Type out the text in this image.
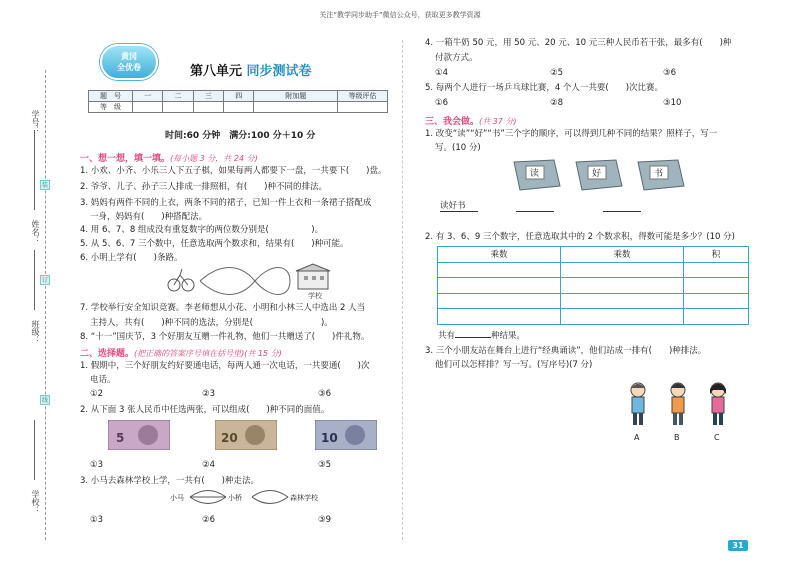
关注“教学同步助手”微信公众号，获取更多教学资源
学号：
姓名：
班级：
学校：
装
订
线
黄冈
全优卷	第八单元 同步测试卷
题　号	一	二	三	四	附加题	等级评估
等　级						
时间:60 分钟　满分:100 分＋10 分
一、想一想，填一填。(每小题 3 分，共 24 分)
1. 小欢、小齐、小乐三人下五子棋，如果每两人都要下一盘，一共要下(　　)盘。
2. 爷爷、儿子、孙子三人排成一排照相，有(　　)种不同的排法。
3. 妈妈有两件不同的上衣，两条不同的裙子，已知一件上衣和一条裙子搭配成
一身，妈妈有(　　)种搭配法。
4. 用 6、7、8 组成没有重复数字的两位数分别是(　　　　　)。
5. 从 5、6、7 三个数中，任意选取两个数求和，结果有(　　)种可能。
6. 小明上学有(　　)条路。
学校
7. 学校举行安全知识竞赛。李老师想从小花、小明和小林三人中选出 2 人当
主持人，共有(　　)种不同的选法，分别是(　　　　　　　　)。
8. “十一”国庆节，3 个好朋友互赠一件礼物，他们一共赠送了(　　)件礼物。
二、选择题。(把正确的答案序号填在括号里)(共 15 分)
1. 假期中，三个好朋友约好要通电话，每两人通一次电话，一共要通(　　)次
电话。
①2	②3	③6
2. 从下面 3 张人民币中任选两张，可以组成(　　)种不同的面值。
5	20	10
①3	②4	③5
3. 小马去森林学校上学，一共有(　　)种走法。
小马	小桥	森林学校
①3	②6	③9
4. 一箱牛奶 50 元，用 50 元、20 元、10 元三种人民币若干张，最多有(　　)种
付款方式。
①4	②5	③6
5. 每两个人进行一场乒乓球比赛，4 个人一共要(　　)次比赛。
①6	②8	③10
三、我会做。(共 37 分)
1. 改变“读”“好”“书”三个字的顺序，可以得到几种不同的结果？照样子，写一
写。(10 分)
读	好	书
读好书
2. 有 3、6、9 三个数字，任意选取其中的 2 个数求积，得数可能是多少？(10 分)
乘数	乘数	积

共有	种结果。
3. 三个小朋友站在舞台上进行“经典诵读”，他们站成一排有(　　)种排法。
他们可以怎样排？写一写。(写序号)(7 分)
A	B	C
31
